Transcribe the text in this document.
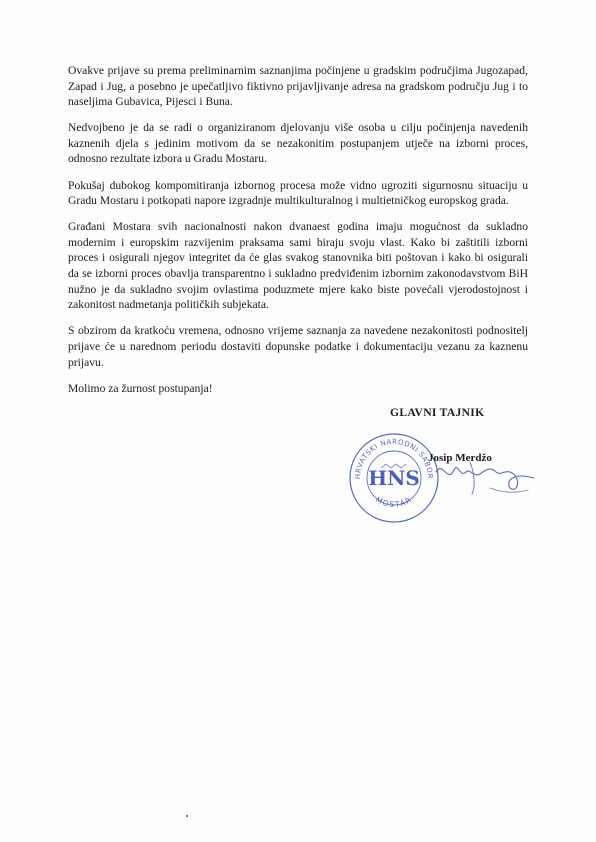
Ovakve prijave su prema preliminarnim saznanjima počinjene u gradskim područjima Jugozapad, Zapad i Jug, a posebno je upečatljivo fiktivno prijavljivanje adresa na gradskom području Jug i to naseljima Gubavica, Pijesci i Buna.

Nedvojbeno je da se radi o organiziranom djelovanju više osoba u cilju počinjenja navedenih kaznenih djela s jedinim motivom da se nezakonitim postupanjem utječe na izborni proces, odnosno rezultate izbora u Gradu Mostaru.

Pokušaj dubokog kompomitiranja izbornog procesa može vidno ugroziti sigurnosnu situaciju u Gradu Mostaru i potkopati napore izgradnje multikulturalnog i multietničkog europskog grada.

Građani Mostara svih nacionalnosti nakon dvanaest godina imaju mogućnost da sukladno modernim i europskim razvijenim praksama sami biraju svoju vlast. Kako bi zaštitili izborni proces i osigurali njegov integritet da će glas svakog stanovnika biti poštovan i kako bi osigurali da se izborni proces obavlja transparentno i sukladno predviđenim izbornim zakonodavstvom BiH nužno je da sukladno svojim ovlastima poduzmete mjere kako biste povećali vjerodostojnost i zakonitost nadmetanja političkih subjekata.

S obzirom da kratkoću vremena, odnosno vrijeme saznanja za navedene nezakonitosti podnositelj prijave će u narednom periodu dostaviti dopunske podatke i dokumentaciju vezanu za kaznenu prijavu.

Molimo za žurnost postupanja!

GLAVNI TAJNIK
HRVATSKI NARODNI SABOR
MOSTAR
HNS
Josip Merdžo
